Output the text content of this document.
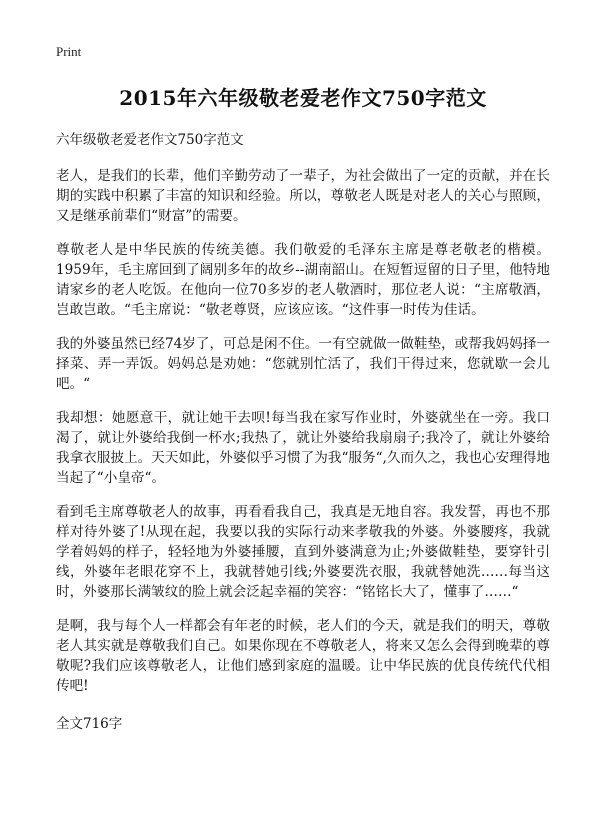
Print
2015年六年级敬老爱老作文750字范文
六年级敬老爱老作文750字范文

老人，是我们的长辈，他们辛勤劳动了一辈子，为社会做出了一定的贡献，并在长期的实践中积累了丰富的知识和经验。所以，尊敬老人既是对老人的关心与照顾，又是继承前辈们“财富”的需要。

尊敬老人是中华民族的传统美德。我们敬爱的毛泽东主席是尊老敬老的楷模。1959年，毛主席回到了阔别多年的故乡--湖南韶山。在短暂逗留的日子里，他特地请家乡的老人吃饭。在他向一位70多岁的老人敬酒时，那位老人说：“主席敬酒，岂敢岂敢。“毛主席说：“敬老尊贤，应该应该。“这件事一时传为佳话。

我的外婆虽然已经74岁了，可总是闲不住。一有空就做一做鞋垫，或帮我妈妈择一择菜、弄一弄饭。妈妈总是劝她：“您就别忙活了，我们干得过来，您就歇一会儿吧。“

我却想：她愿意干，就让她干去呗!每当我在家写作业时，外婆就坐在一旁。我口渴了，就让外婆给我倒一杯水;我热了，就让外婆给我扇扇子;我冷了，就让外婆给我拿衣服披上。天天如此，外婆似乎习惯了为我“服务“,久而久之，我也心安理得地当起了“小皇帝“。

看到毛主席尊敬老人的故事，再看看我自己，我真是无地自容。我发誓，再也不那样对待外婆了!从现在起，我要以我的实际行动来孝敬我的外婆。外婆腰疼，我就学着妈妈的样子，轻轻地为外婆捶腰，直到外婆满意为止;外婆做鞋垫，要穿针引线，外婆年老眼花穿不上，我就替她引线;外婆要洗衣服，我就替她洗……每当这时，外婆那长满皱纹的脸上就会泛起幸福的笑容：“铭铭长大了，懂事了……“

是啊，我与每个人一样都会有年老的时候，老人们的今天，就是我们的明天，尊敬老人其实就是尊敬我们自己。如果你现在不尊敬老人，将来又怎么会得到晚辈的尊敬呢?我们应该尊敬老人，让他们感到家庭的温暖。让中华民族的优良传统代代相传吧!

全文716字
